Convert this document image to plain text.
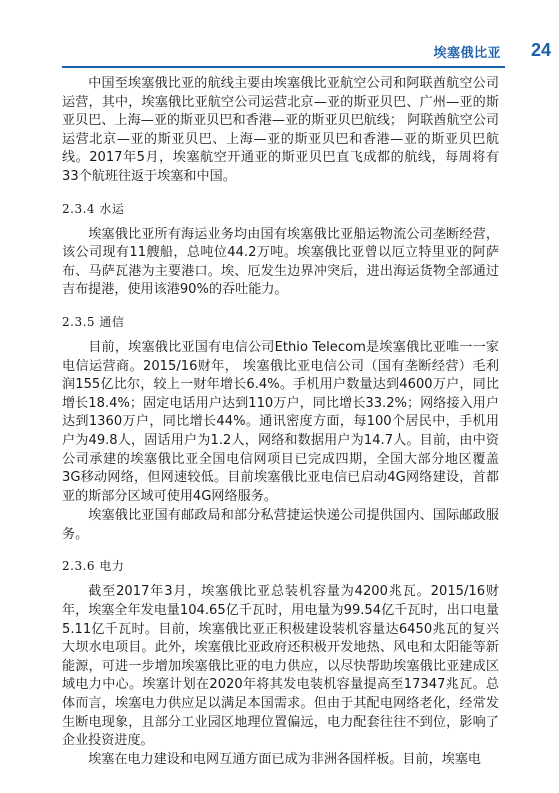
埃塞俄比亚 24

中国至埃塞俄比亚的航线主要由埃塞俄比亚航空公司和阿联酋航空公司运营，其中，埃塞俄比亚航空公司运营北京—亚的斯亚贝巴、广州—亚的斯亚贝巴、上海—亚的斯亚贝巴和香港—亚的斯亚贝巴航线； 阿联酋航空公司运营北京—亚的斯亚贝巴、上海—亚的斯亚贝巴和香港—亚的斯亚贝巴航线。2017年5月，埃塞航空开通亚的斯亚贝巴直飞成都的航线，每周将有33个航班往返于埃塞和中国。

2.3.4 水运

埃塞俄比亚所有海运业务均由国有埃塞俄比亚船运物流公司垄断经营，该公司现有11艘船，总吨位44.2万吨。埃塞俄比亚曾以厄立特里亚的阿萨布、马萨瓦港为主要港口。埃、厄发生边界冲突后，进出海运货物全部通过吉布提港，使用该港90%的吞吐能力。

2.3.5 通信

目前，埃塞俄比亚国有电信公司Ethio Telecom是埃塞俄比亚唯一一家电信运营商。2015/16财年， 埃塞俄比亚电信公司（国有垄断经营）毛利润155亿比尔，较上一财年增长6.4%。手机用户数量达到4600万户，同比增长18.4%；固定电话用户达到110万户，同比增长33.2%；网络接入用户达到1360万户，同比增长44%。通讯密度方面，每100个居民中，手机用户为49.8人，固话用户为1.2人，网络和数据用户为14.7人。目前，由中资公司承建的埃塞俄比亚全国电信网项目已完成四期，全国大部分地区覆盖3G移动网络，但网速较低。目前埃塞俄比亚电信已启动4G网络建设，首都亚的斯部分区域可使用4G网络服务。

埃塞俄比亚国有邮政局和部分私营捷运快递公司提供国内、国际邮政服务。

2.3.6 电力

截至2017年3月，埃塞俄比亚总装机容量为4200兆瓦。2015/16财年，埃塞全年发电量104.65亿千瓦时，用电量为99.54亿千瓦时，出口电量5.11亿千瓦时。目前，埃塞俄比亚正积极建设装机容量达6450兆瓦的复兴大坝水电项目。此外，埃塞俄比亚政府还积极开发地热、风电和太阳能等新能源，可进一步增加埃塞俄比亚的电力供应，以尽快帮助埃塞俄比亚建成区域电力中心。埃塞计划在2020年将其发电装机容量提高至17347兆瓦。总体而言，埃塞电力供应足以满足本国需求。但由于其配电网络老化，经常发生断电现象，且部分工业园区地理位置偏远，电力配套往往不到位，影响了企业投资进度。

埃塞在电力建设和电网互通方面已成为非洲各国样板。目前，埃塞电
